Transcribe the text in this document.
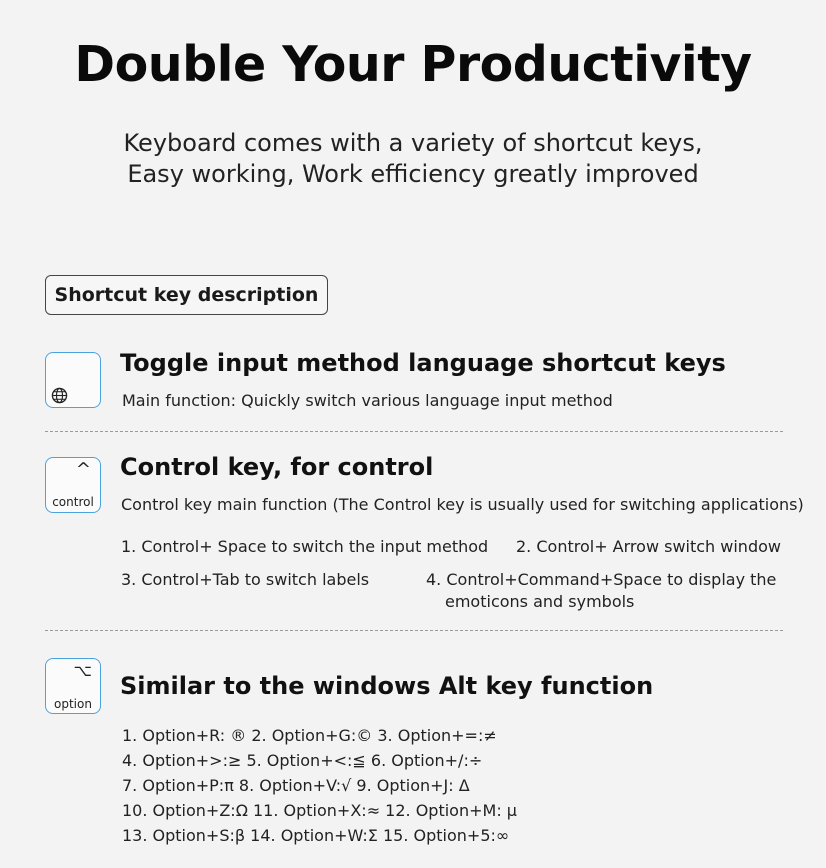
Double Your Productivity
Keyboard comes with a variety of shortcut keys,
Easy working, Work efficiency greatly improved
Shortcut key description
Toggle input method language shortcut keys
Main function: Quickly switch various language input method
^
control
Control key, for control
Control key main function (The Control key is usually used for switching applications)
1. Control+ Space to switch the input method 2. Control+ Arrow switch window
3. Control+Tab to switch labels	4. Control+Command+Space to display the
emoticons and symbols
⌥
option
Similar to the windows Alt key function
1. Option+R: ® 2. Option+G:© 3. Option+=:≠
4. Option+>:≥ 5. Option+<:≦ 6. Option+/:÷
7. Option+P:π 8. Option+V:√ 9. Option+J: Δ
10. Option+Z:Ω 11. Option+X:≈ 12. Option+M: µ
13. Option+S:β 14. Option+W:Σ 15. Option+5:∞
